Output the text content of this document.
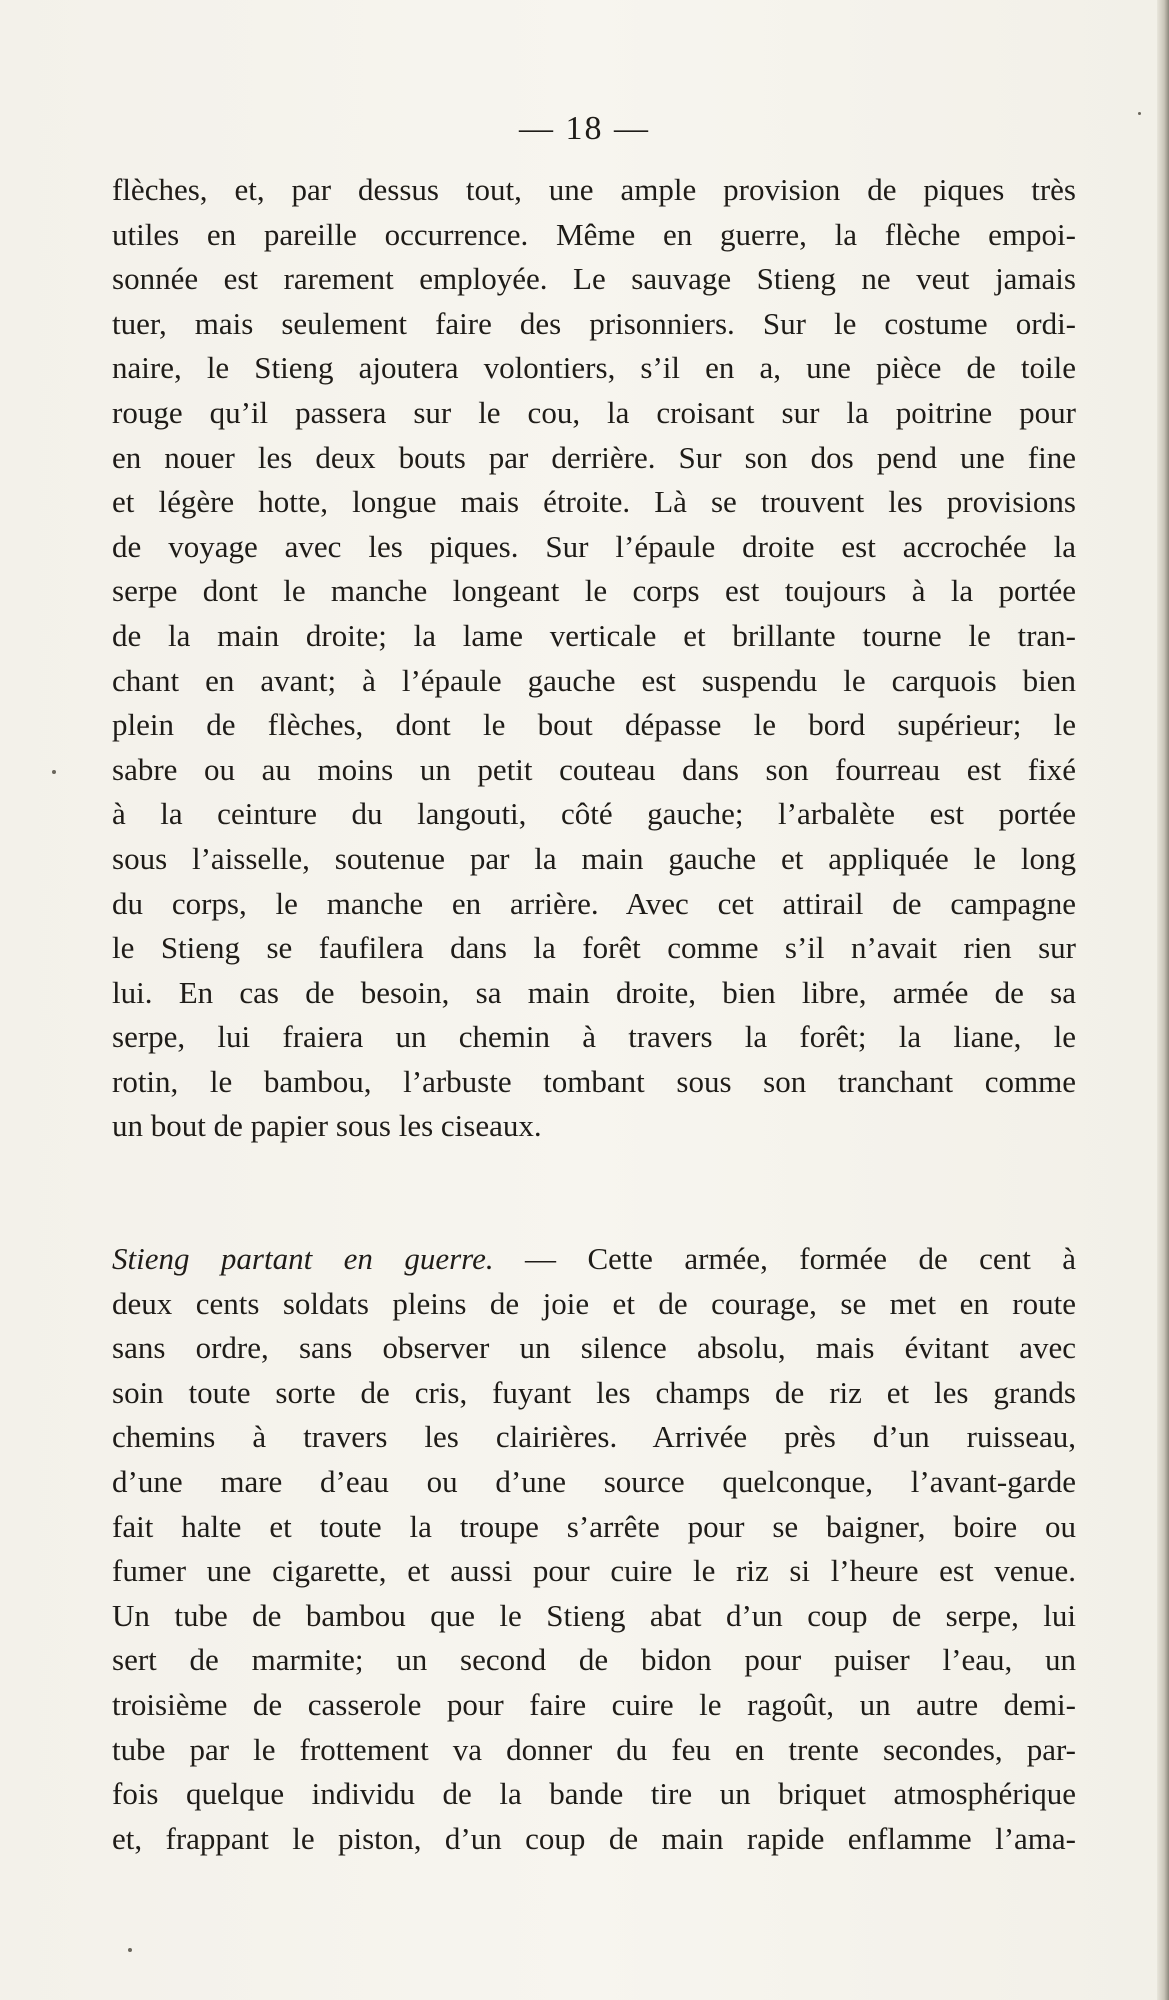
— 18 —
flèches, et, par dessus tout, une ample provision de piques très
utiles en pareille occurrence. Même en guerre, la flèche empoi-
sonnée est rarement employée. Le sauvage Stieng ne veut jamais
tuer, mais seulement faire des prisonniers. Sur le costume ordi-
naire, le Stieng ajoutera volontiers, s’il en a, une pièce de toile
rouge qu’il passera sur le cou, la croisant sur la poitrine pour
en nouer les deux bouts par derrière. Sur son dos pend une fine
et légère hotte, longue mais étroite. Là se trouvent les provisions
de voyage avec les piques. Sur l’épaule droite est accrochée la
serpe dont le manche longeant le corps est toujours à la portée
de la main droite; la lame verticale et brillante tourne le tran-
chant en avant; à l’épaule gauche est suspendu le carquois bien
plein de flèches, dont le bout dépasse le bord supérieur; le
sabre ou au moins un petit couteau dans son fourreau est fixé
à la ceinture du langouti, côté gauche; l’arbalète est portée
sous l’aisselle, soutenue par la main gauche et appliquée le long
du corps, le manche en arrière. Avec cet attirail de campagne
le Stieng se faufilera dans la forêt comme s’il n’avait rien sur
lui. En cas de besoin, sa main droite, bien libre, armée de sa
serpe, lui fraiera un chemin à travers la forêt; la liane, le
rotin, le bambou, l’arbuste tombant sous son tranchant comme
un bout de papier sous les ciseaux.
Stieng partant en guerre. — Cette armée, formée de cent à
deux cents soldats pleins de joie et de courage, se met en route
sans ordre, sans observer un silence absolu, mais évitant avec
soin toute sorte de cris, fuyant les champs de riz et les grands
chemins à travers les clairières. Arrivée près d’un ruisseau,
d’une mare d’eau ou d’une source quelconque, l’avant-garde
fait halte et toute la troupe s’arrête pour se baigner, boire ou
fumer une cigarette, et aussi pour cuire le riz si l’heure est venue.
Un tube de bambou que le Stieng abat d’un coup de serpe, lui
sert de marmite; un second de bidon pour puiser l’eau, un
troisième de casserole pour faire cuire le ragoût, un autre demi-
tube par le frottement va donner du feu en trente secondes, par-
fois quelque individu de la bande tire un briquet atmosphérique
et, frappant le piston, d’un coup de main rapide enflamme l’ama-
